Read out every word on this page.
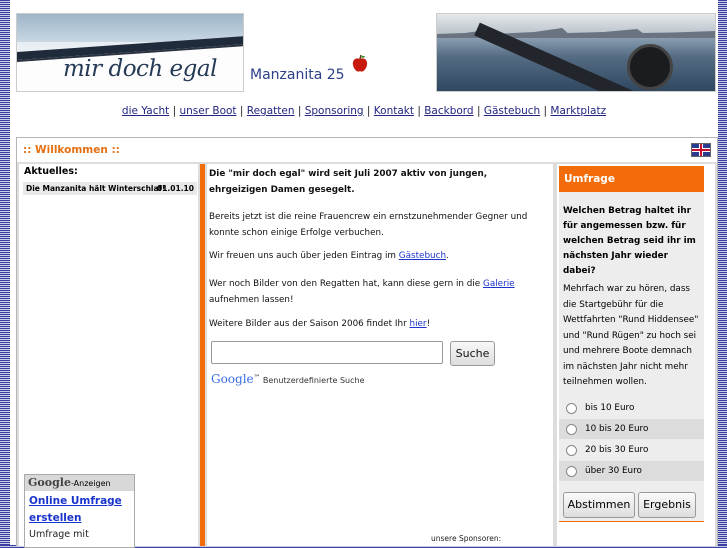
mir doch egal Manzanita 25
die Yacht | unser Boot | Regatten | Sponsoring | Kontakt | Backbord | Gästebuch | Marktplatz
:: Willkommen ::
Aktuelles:
Die Manzanita hält Winterschlaf!
01.01.10
Google-Anzeigen
Online Umfrage
erstellen
Umfrage mit

Die "mir doch egal" wird seit Juli 2007 aktiv von jungen, ehrgeizigen Damen gesegelt.

Bereits jetzt ist die reine Frauencrew ein ernstzunehmender Gegner und konnte schon einige Erfolge verbuchen.

Wir freuen uns auch über jeden Eintrag im Gästebuch.

Wer noch Bilder von den Regatten hat, kann diese gern in die Galerie aufnehmen lassen!

Weitere Bilder aus der Saison 2006 findet Ihr hier!

Suche
Google™ Benutzerdefinierte Suche
unsere Sponsoren:
Umfrage
Welchen Betrag haltet ihr für angemessen bzw. für welchen Betrag seid ihr im nächsten Jahr wieder dabei?
Mehrfach war zu hören, dass die Startgebühr für die Wettfahrten "Rund Hiddensee" und "Rund Rügen" zu hoch sei und mehrere Boote demnach im nächsten Jahr nicht mehr teilnehmen wollen.
bis 10 Euro
10 bis 20 Euro
20 bis 30 Euro
über 30 Euro
Abstimmen	Ergebnis
